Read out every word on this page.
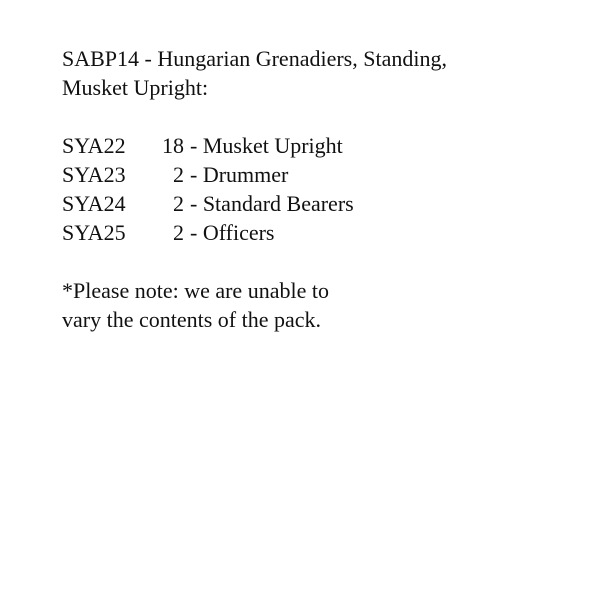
SABP14 - Hungarian Grenadiers, Standing,
Musket Upright:
SYA22	18 - Musket Upright
SYA23	2 - Drummer
SYA24	2 - Standard Bearers
SYA25	2 - Officers
*Please note: we are unable to
vary the contents of the pack.
